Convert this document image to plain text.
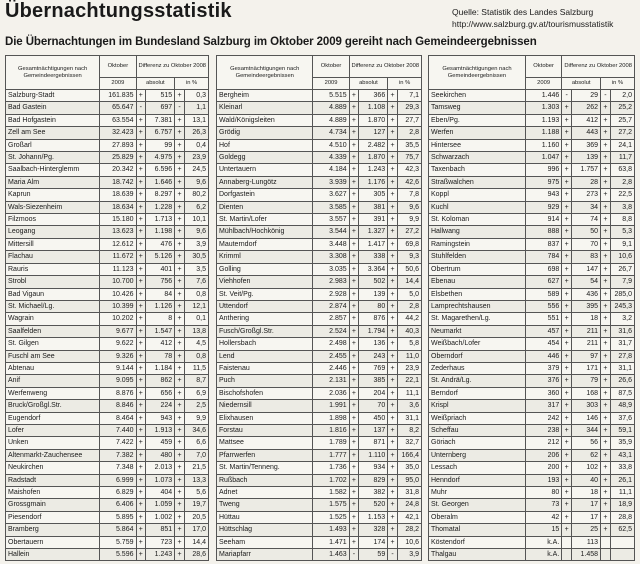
Übernachtungsstatistik	Quelle: Statistik des Landes Salzburg
http://www.salzburg.gv.at/tourismusstatistik
Die Übernachtungen im Bundesland Salzburg im Oktober 2009 gereiht nach Gemeindeergebnissen
Gesamtnächtigungen nach Gemeindeergebnissen	Oktober	Differenz zu Oktober 2008			
	2009	absolut		in %	
Salzburg-Stadt	161.835	+	515	+	0,3
Bad Gastein	65.647	-	697	-	1,1
Bad Hofgastein	63.554	+	7.381	+	13,1
Zell am See	32.423	+	6.757	+	26,3
Großarl	27.893	+	99	+	0,4
St. Johann/Pg.	25.829	+	4.975	+	23,9
Saalbach-Hinterglemm	20.342	+	6.596	+	24,5
Maria Alm	18.742	+	1.646	+	9,6
Kaprun	18.639	+	8.297	+	80,2
Wals-Siezenheim	18.634	+	1.228	+	6,2
Filzmoos	15.180	+	1.713	+	10,1
Leogang	13.623	+	1.198	+	9,6
Mittersill	12.612	+	476	+	3,9
Flachau	11.672	+	5.126	+	30,5
Rauris	11.123	+	401	+	3,5
Strobl	10.700	+	756	+	7,6
Bad Vigaun	10.426	+	84	+	0,8
St. Michael/Lg.	10.399	+	1.126	+	12,1
Wagrain	10.202	+	8	+	0,1
Saalfelden	9.677	+	1.547	+	13,8
St. Gilgen	9.622	+	412	+	4,5
Fuschl am See	9.326	+	78	+	0,8
Abtenau	9.144	+	1.184	+	11,5
Anif	9.095	+	862	+	8,7
Werfenweng	8.876	+	656	+	6,9
Bruck/Großgl.Str.	8.846	+	224	+	2,5
Eugendorf	8.464	+	943	+	9,9
Lofer	7.440	+	1.913	+	34,6
Unken	7.422	+	459	+	6,6
Altenmarkt-Zauchensee	7.382	+	480	+	7,0
Neukirchen	7.348	+	2.013	+	21,5
Radstadt	6.999	+	1.073	+	13,3
Maishofen	6.829	+	404	+	5,6
Grossgmain	6.406	+	1.059	+	19,7
Piesendorf	5.895	+	1.002	+	20,5
Bramberg	5.864	+	851	+	17,0
Obertauern	5.759	+	723	+	14,4
Hallein	5.596	+	1.243	+	28,6
Gesamtnächtigungen nach Gemeindeergebnissen	Oktober	Differenz zu Oktober 2008			
	2009	absolut		in %	
Bergheim	5.515	+	366	+	7,1
Kleinarl	4.889	+	1.108	+	29,3
Wald/Königsleiten	4.889	+	1.870	+	27,7
Grödig	4.734	+	127	+	2,8
Hof	4.510	+	2.482	+	35,5
Goldegg	4.339	+	1.870	+	75,7
Untertauern	4.184	+	1.243	+	42,3
Annaberg-Lungötz	3.939	+	1.176	+	42,6
Dorfgastein	3.627	+	305	+	7,8
Dienten	3.585	+	381	+	9,6
St. Martin/Lofer	3.557	+	391	+	9,9
Mühlbach/Hochkönig	3.544	+	1.327	+	27,2
Mauterndorf	3.448	+	1.417	+	69,8
Krimml	3.308	+	338	+	9,3
Golling	3.035	+	3.364	+	50,6
Viehhofen	2.983	+	502	+	14,4
St. Veit/Pg.	2.928	+	139	+	5,0
Uttendorf	2.874	+	80	+	2,8
Anthering	2.857	+	876	+	44,2
Fusch/Großgl.Str.	2.524	+	1.794	+	40,3
Hollersbach	2.498	+	136	+	5,8
Lend	2.455	+	243	+	11,0
Faistenau	2.446	+	769	+	23,9
Puch	2.131	+	385	+	22,1
Bischofshofen	2.036	+	204	+	11,1
Niedernsill	1.991	+	70	+	3,6
Elixhausen	1.898	+	450	+	31,1
Forstau	1.816	+	137	+	8,2
Mattsee	1.789	+	871	+	32,7
Pfarrwerfen	1.777	+	1.110	+	166,4
St. Martin/Tenneng.	1.736	+	934	+	35,0
Rußbach	1.702	+	829	+	95,0
Adnet	1.582	+	382	+	31,8
Tweng	1.575	+	520	+	24,8
Hüttau	1.525	+	1.153	+	42,1
Hüttschlag	1.493	+	328	+	28,2
Seeham	1.471	+	174	+	10,6
Mariapfarr	1.463	-	59	-	3,9
Gesamtnächtigungen nach Gemeindeergebnissen	Oktober	Differenz zu Oktober 2008			
	2009	absolut		in %	
Seekirchen	1.446	-	29	-	2,0
Tamsweg	1.303	+	262	+	25,2
Eben/Pg.	1.193	+	412	+	25,7
Werfen	1.188	+	443	+	27,2
Hintersee	1.160	+	369	+	24,1
Schwarzach	1.047	+	139	+	11,7
Taxenbach	996	+	1.757	+	63,8
Straßwalchen	975	+	28	+	2,8
Koppl	943	+	273	+	22,5
Kuchl	929	+	34	+	3,8
St. Koloman	914	+	74	+	8,8
Hallwang	888	+	50	+	5,3
Ramingstein	837	+	70	+	9,1
Stuhlfelden	784	+	83	+	10,6
Obertrum	698	+	147	+	26,7
Ebenau	627	+	54	+	7,9
Elsbethen	589	+	436	+	285,0
Lamprechtshausen	556	+	395	+	245,3
St. Magarethen/Lg.	551	+	18	+	3,2
Neumarkt	457	+	211	+	31,6
Weißbach/Lofer	454	+	211	+	31,7
Oberndorf	446	+	97	+	27,8
Zederhaus	379	+	171	+	31,1
St. Andrä/Lg.	376	+	79	+	26,6
Berndorf	360	+	168	+	87,5
Krispl	317	+	303	+	48,9
Weißpriach	242	+	146	+	37,6
Scheffau	238	+	344	+	59,1
Göriach	212	+	56	+	35,9
Unternberg	206	+	62	+	43,1
Lessach	200	+	102	+	33,8
Henndorf	193	+	40	+	26,1
Muhr	80	+	18	+	11,1
St. Georgen	73	+	17	+	18,9
Oberalm	42	+	17	+	28,8
Thomatal	15	+	25	+	62,5
Köstendorf	k.A.		113		
Thalgau	k.A.		1.458		
